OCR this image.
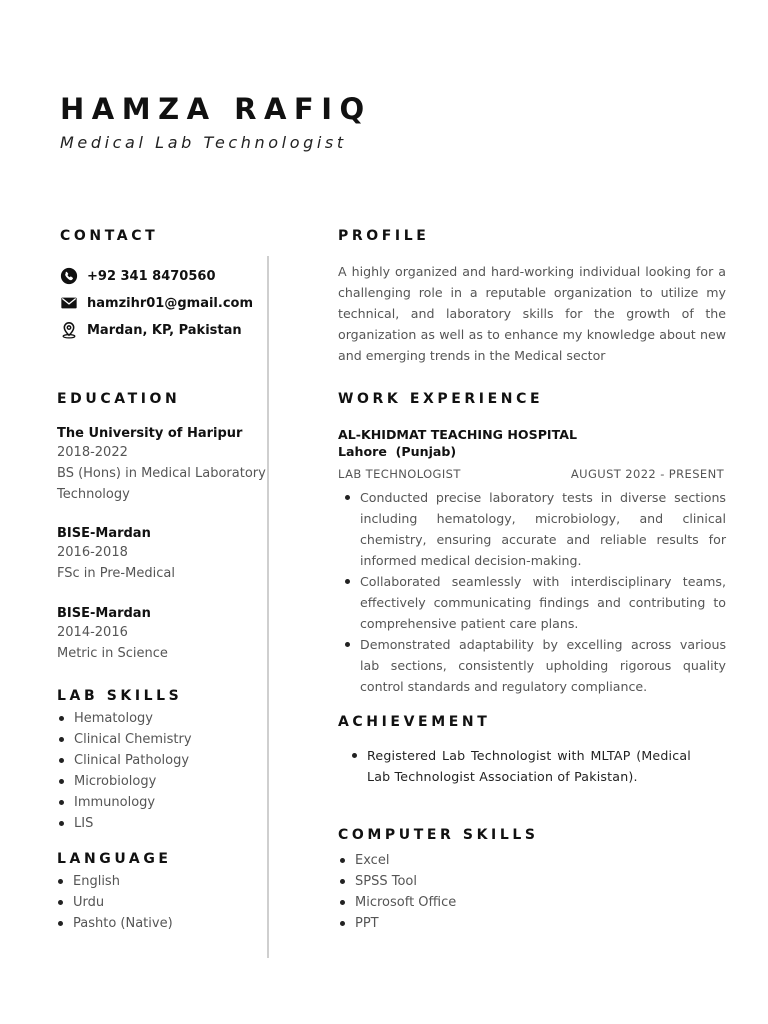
HAMZA RAFIQ
Medical Lab Technologist
CONTACT
+92 341 8470560
hamzihr01@gmail.com
Mardan, KP, Pakistan
EDUCATION
The University of Haripur
2018-2022
BS (Hons) in Medical Laboratory Technology
BISE-Mardan
2016-2018
FSc in Pre-Medical
BISE-Mardan
2014-2016
Metric in Science
LAB SKILLS
Hematology
Clinical Chemistry
Clinical Pathology
Microbiology
Immunology
LIS
LANGUAGE
English
Urdu
Pashto (Native)
PROFILE
A highly organized and hard-working individual looking for a challenging role in a reputable organization to utilize my technical, and laboratory skills for the growth of the organization as well as to enhance my knowledge about new and emerging trends in the Medical sector
WORK EXPERIENCE
AL-KHIDMAT TEACHING HOSPITAL
Lahore  (Punjab)
LAB TECHNOLOGIST	AUGUST 2022 - PRESENT
Conducted precise laboratory tests in diverse sections including hematology, microbiology, and clinical chemistry, ensuring accurate and reliable results for informed medical decision-making.
Collaborated seamlessly with interdisciplinary teams, effectively communicating findings and contributing to comprehensive patient care plans.
Demonstrated adaptability by excelling across various lab sections, consistently upholding rigorous quality control standards and regulatory compliance.
ACHIEVEMENT
Registered Lab Technologist with MLTAP (Medical Lab Technologist Association of Pakistan).
COMPUTER SKILLS
Excel
SPSS Tool
Microsoft Office
PPT
